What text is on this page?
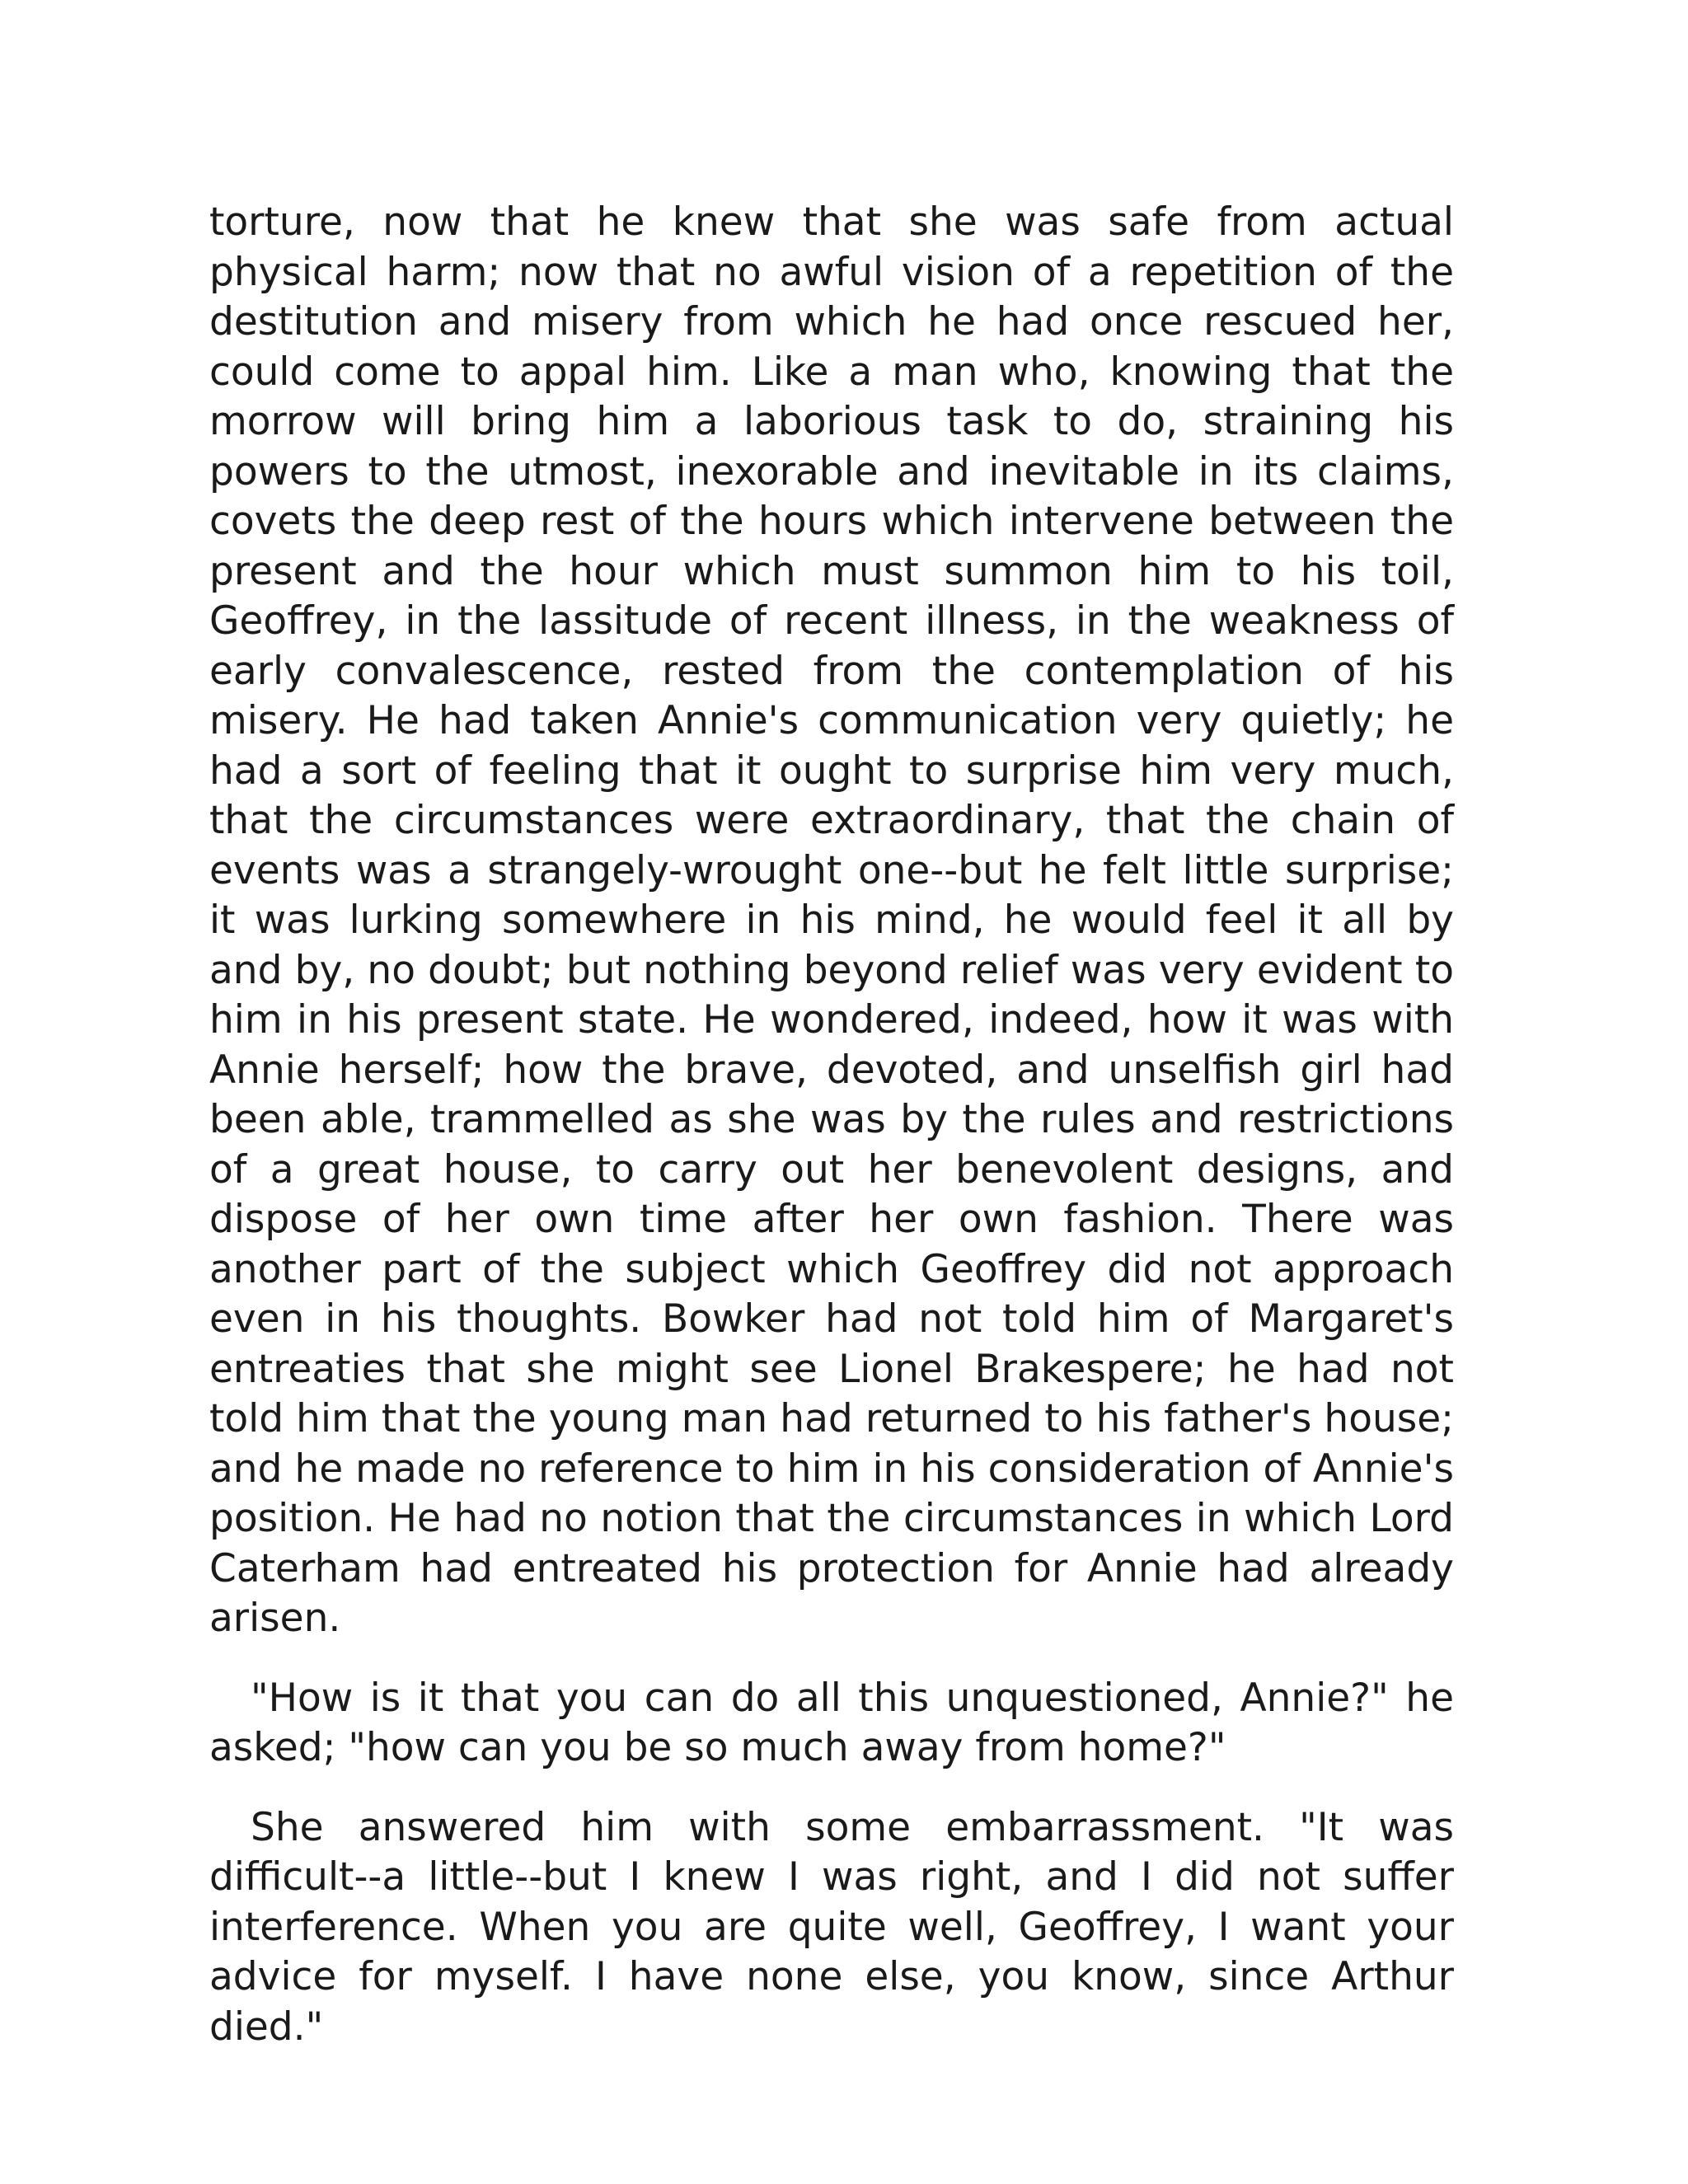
torture, now that he knew that she was safe from actual physical harm; now that no awful vision of a repetition of the destitution and misery from which he had once rescued her, could come to appal him. Like a man who, knowing that the morrow will bring him a laborious task to do, straining his powers to the utmost, inexorable and inevitable in its claims, covets the deep rest of the hours which intervene between the present and the hour which must summon him to his toil, Geoffrey, in the lassitude of recent illness, in the weakness of early convalescence, rested from the contemplation of his misery. He had taken Annie's communication very quietly; he had a sort of feeling that it ought to surprise him very much, that the circumstances were extraordinary, that the chain of events was a strangely-wrought one--but he felt little surprise; it was lurking somewhere in his mind, he would feel it all by and by, no doubt; but nothing beyond relief was very evident to him in his present state. He wondered, indeed, how it was with Annie herself; how the brave, devoted, and unselfish girl had been able, trammelled as she was by the rules and restrictions of a great house, to carry out her benevolent designs, and dispose of her own time after her own fashion. There was another part of the subject which Geoffrey did not approach even in his thoughts. Bowker had not told him of Margaret's entreaties that she might see Lionel Brakespere; he had not told him that the young man had returned to his father's house; and he made no reference to him in his consideration of Annie's position. He had no notion that the circumstances in which Lord Caterham had entreated his protection for Annie had already arisen.

"How is it that you can do all this unquestioned, Annie?" he asked; "how can you be so much away from home?"

She answered him with some embarrassment. "It was difficult--a little--but I knew I was right, and I did not suffer interference. When you are quite well, Geoffrey, I want your advice for myself. I have none else, you know, since Arthur died."
